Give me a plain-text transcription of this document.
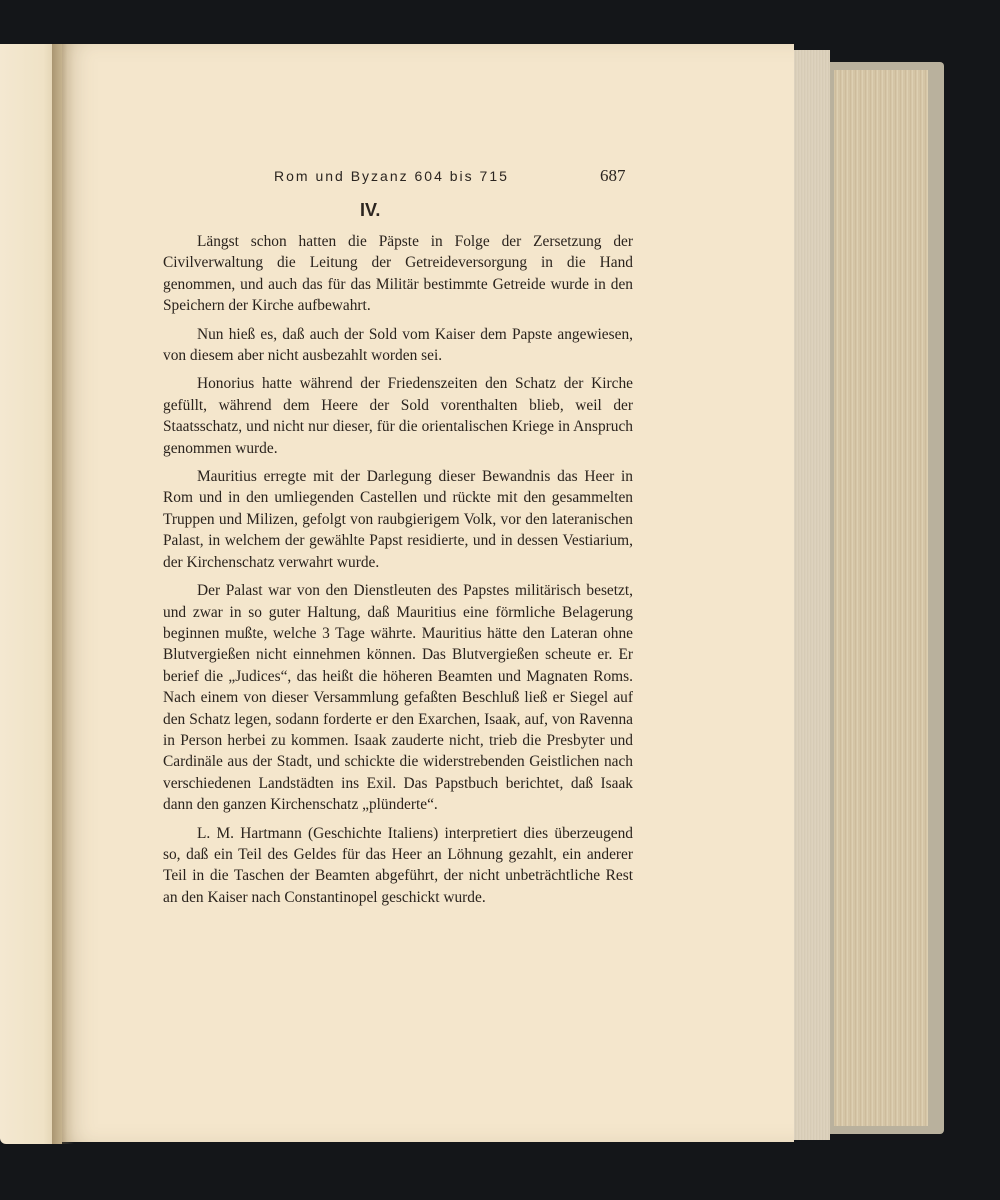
Rom und Byzanz 604 bis 715	687
IV.

Längst schon hatten die Päpste in Folge der Zersetzung der Civilverwaltung die Leitung der Getreideversorgung in die Hand genommen, und auch das für das Militär bestimmte Getreide wurde in den Speichern der Kirche aufbewahrt.

Nun hieß es, daß auch der Sold vom Kaiser dem Papste angewiesen, von diesem aber nicht ausbezahlt worden sei.

Honorius hatte während der Friedenszeiten den Schatz der Kirche gefüllt, während dem Heere der Sold vorenthalten blieb, weil der Staatsschatz, und nicht nur dieser, für die orientalischen Kriege in Anspruch genommen wurde.

Mauritius erregte mit der Darlegung dieser Bewandnis das Heer in Rom und in den umliegenden Castellen und rückte mit den gesammelten Truppen und Milizen, gefolgt von raubgierigem Volk, vor den lateranischen Palast, in welchem der gewählte Papst residierte, und in dessen Vestiarium, der Kirchenschatz verwahrt wurde.

Der Palast war von den Dienstleuten des Papstes militärisch besetzt, und zwar in so guter Haltung, daß Mauritius eine förmliche Belagerung beginnen mußte, welche 3 Tage währte. Mauritius hätte den Lateran ohne Blutvergießen nicht einnehmen können. Das Blutvergießen scheute er. Er berief die „Judices“, das heißt die höheren Beamten und Magnaten Roms. Nach einem von dieser Versammlung gefaßten Beschluß ließ er Siegel auf den Schatz legen, sodann forderte er den Exarchen, Isaak, auf, von Ravenna in Person herbei zu kommen. Isaak zauderte nicht, trieb die Presbyter und Cardinäle aus der Stadt, und schickte die widerstrebenden Geistlichen nach verschiedenen Landstädten ins Exil. Das Papstbuch berichtet, daß Isaak dann den ganzen Kirchenschatz „plünderte“.

L. M. Hartmann (Geschichte Italiens) interpretiert dies überzeugend so, daß ein Teil des Geldes für das Heer an Löhnung gezahlt, ein anderer Teil in die Taschen der Beamten abgeführt, der nicht unbeträchtliche Rest an den Kaiser nach Constantinopel geschickt wurde.
